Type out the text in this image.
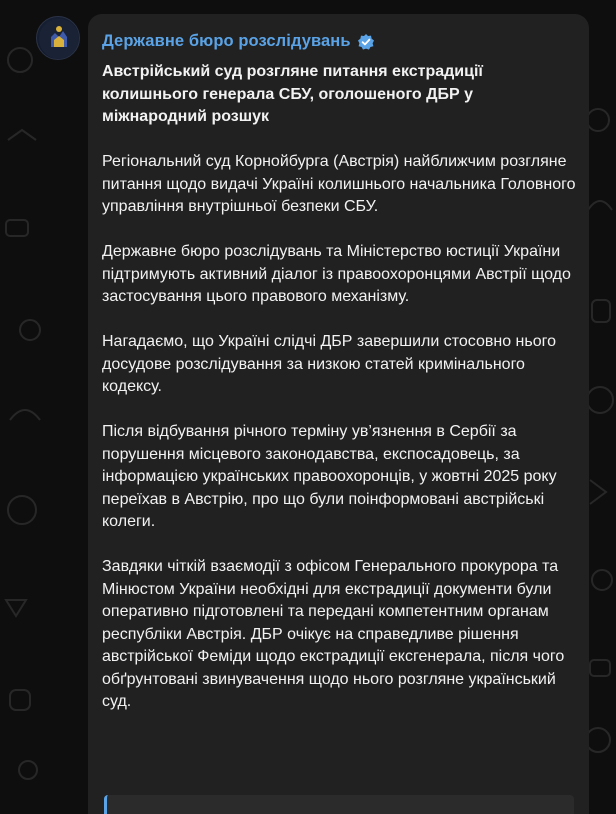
Державне бюро розслідувань
Австрійський суд розгляне питання екстрадиції колишнього генерала СБУ, оголошеного ДБР у міжнародний розшук
Регіональний суд Корнойбурга (Австрія) найближчим розгляне питання щодо видачі Україні колишнього начальника Головного управління внутрішньої безпеки СБУ.
Державне бюро розслідувань та Міністерство юстиції України підтримують активний діалог із правоохоронцями Австрії щодо застосування цього правового механізму.
Нагадаємо, що Україні слідчі ДБР завершили стосовно нього досудове розслідування за низкою статей кримінального кодексу.
Після відбування річного терміну ув’язнення в Сербії за порушення місцевого законодавства, експосадовець, за інформацією українських правоохоронців, у жовтні 2025 року переїхав в Австрію, про що були поінформовані австрійські колеги.
Завдяки чіткій взаємодії з офісом Генерального прокурора та Мінюстом України необхідні для екстрадиції документи були оперативно підготовлені та передані компетентним органам республіки Австрія. ДБР очікує на справедливе рішення австрійської Феміди щодо екстрадиції ексгенерала, після чого обґрунтовані звинувачення щодо нього розгляне український суд.
